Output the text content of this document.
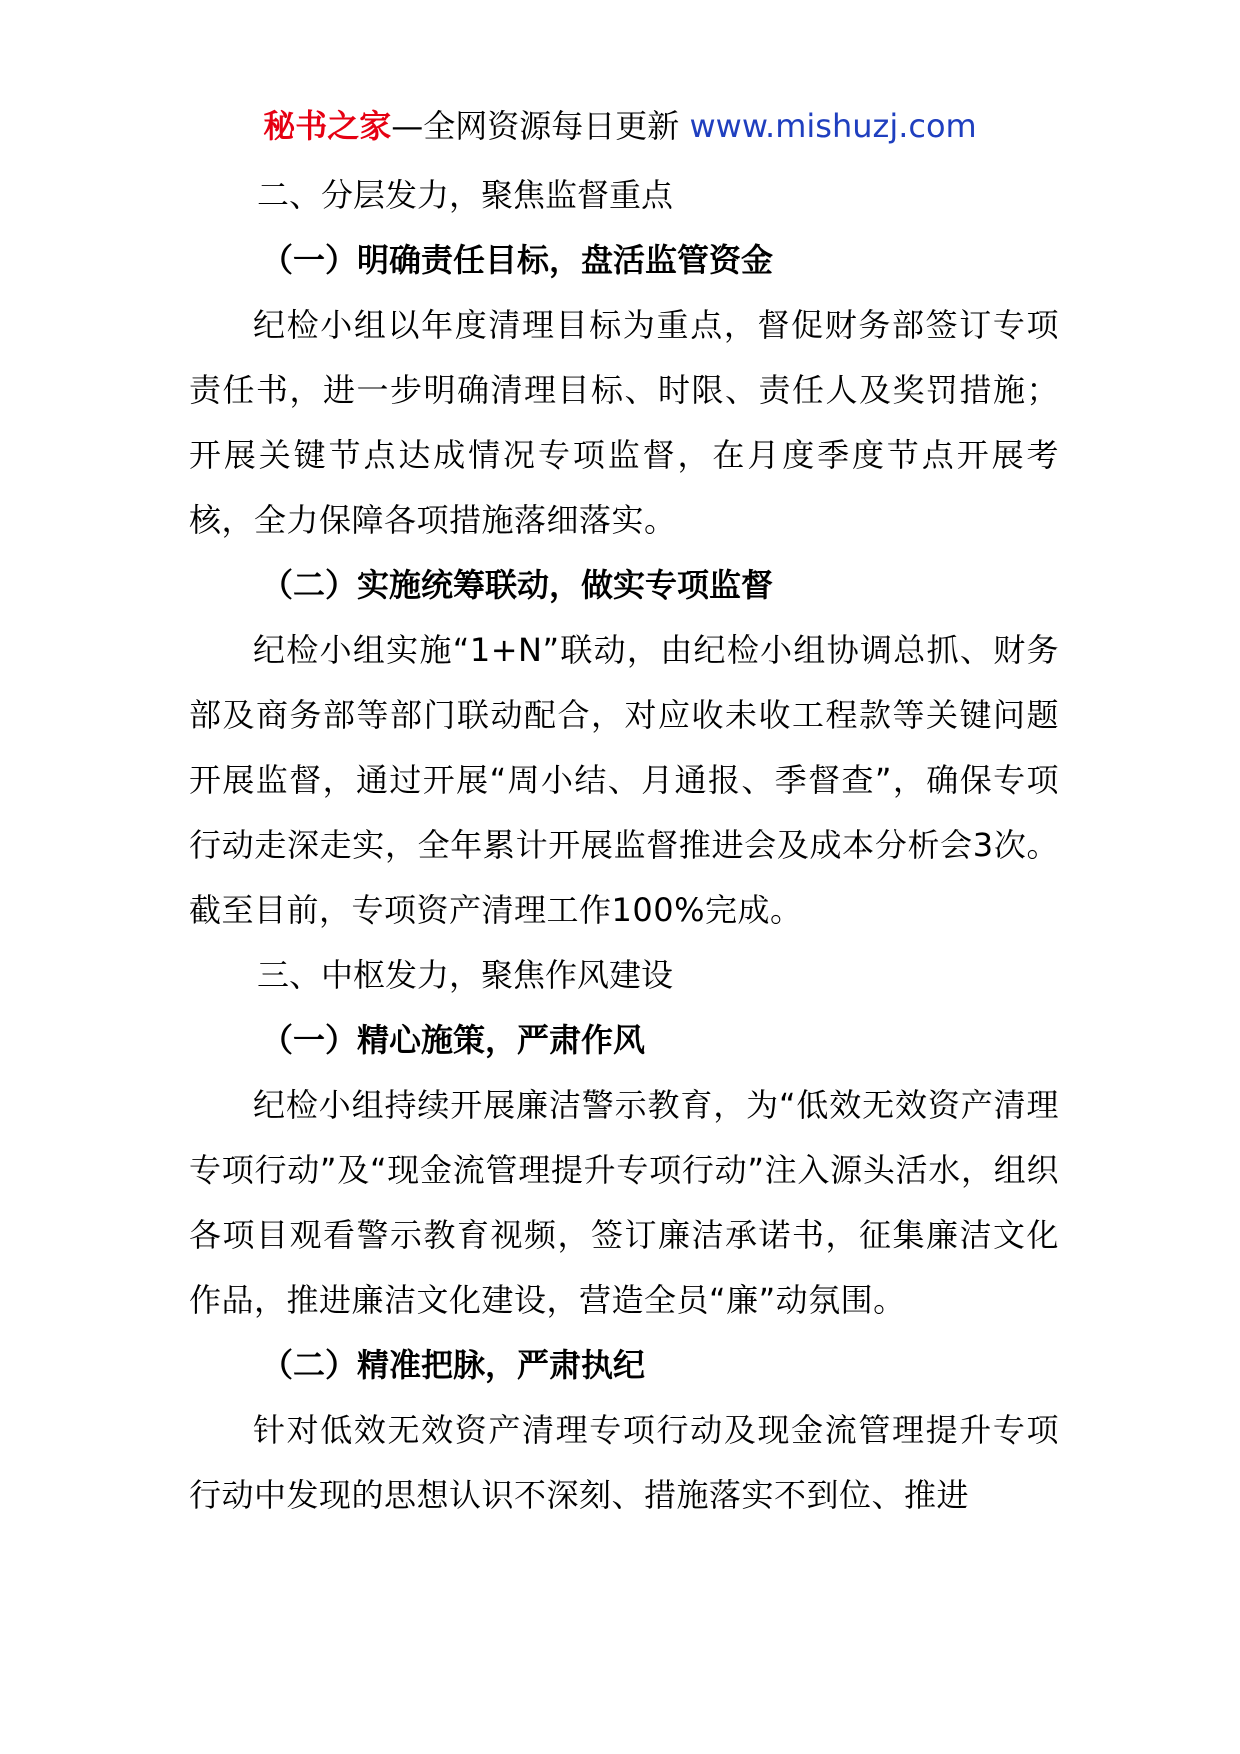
秘书之家—全网资源每日更新 www.mishuzj.com
二、分层发力，聚焦监督重点
（一）明确责任目标，盘活监管资金

纪检小组以年度清理目标为重点，督促财务部签订专项责任书，进一步明确清理目标、时限、责任人及奖罚措施；开展关键节点达成情况专项监督，在月度季度节点开展考核，全力保障各项措施落细落实。

（二）实施统筹联动，做实专项监督

纪检小组实施“1+N”联动，由纪检小组协调总抓、财务部及商务部等部门联动配合，对应收未收工程款等关键问题开展监督，通过开展“周小结、月通报、季督查”，确保专项行动走深走实，全年累计开展监督推进会及成本分析会3次。截至目前，专项资产清理工作100%完成。

三、中枢发力，聚焦作风建设
（一）精心施策，严肃作风

纪检小组持续开展廉洁警示教育，为“低效无效资产清理专项行动”及“现金流管理提升专项行动”注入源头活水，组织各项目观看警示教育视频，签订廉洁承诺书，征集廉洁文化作品，推进廉洁文化建设，营造全员“廉”动氛围。

（二）精准把脉，严肃执纪

针对低效无效资产清理专项行动及现金流管理提升专项行动中发现的思想认识不深刻、措施落实不到位、推进
